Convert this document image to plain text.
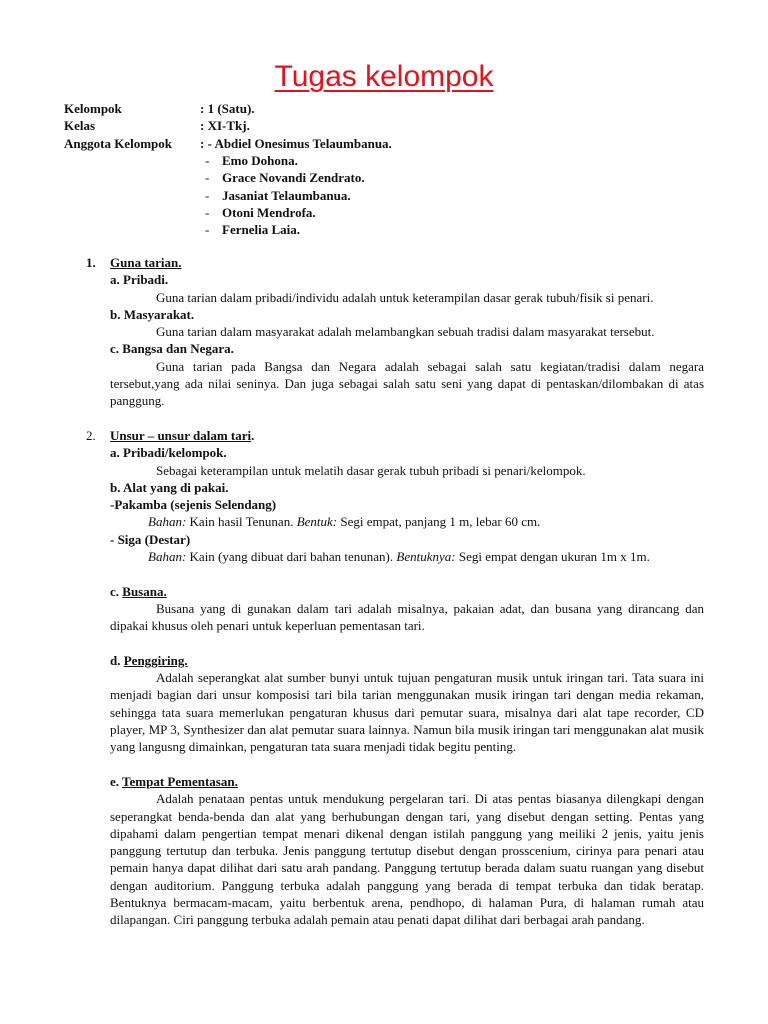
Tugas kelompok
Kelompok	: 1 (Satu).
Kelas	: XI-Tkj.
Anggota Kelompok	: - Abdiel Onesimus Telaumbanua.
- Emo Dohona.
- Grace Novandi Zendrato.
- Jasaniat Telaumbanua.
- Otoni Mendrofa.
- Fernelia Laia.
1. Guna tarian.
a. Pribadi.

Guna tarian dalam pribadi/individu adalah untuk keterampilan dasar gerak tubuh/fisik si penari.

b. Masyarakat.

Guna tarian dalam masyarakat adalah melambangkan sebuah tradisi dalam masyarakat tersebut.

c. Bangsa dan Negara.

Guna tarian pada Bangsa dan Negara adalah sebagai salah satu kegiatan/tradisi dalam negara tersebut,yang ada nilai seninya. Dan juga sebagai salah satu seni yang dapat di pentaskan/dilombakan di atas panggung.

2. Unsur – unsur dalam tari.
a. Pribadi/kelompok.

Sebagai keterampilan untuk melatih dasar gerak tubuh pribadi si penari/kelompok.

b. Alat yang di pakai.
-Pakamba (sejenis Selendang)

Bahan: Kain hasil Tenunan. Bentuk: Segi empat, panjang 1 m, lebar 60 cm.

- Siga (Destar)

Bahan: Kain (yang dibuat dari bahan tenunan). Bentuknya: Segi empat dengan ukuran 1m x 1m.

c. Busana.

Busana yang di gunakan dalam tari adalah misalnya, pakaian adat, dan busana yang dirancang dan dipakai khusus oleh penari untuk keperluan pementasan tari.

d. Penggiring.

Adalah seperangkat alat sumber bunyi untuk tujuan pengaturan musik untuk iringan tari. Tata suara ini menjadi bagian dari unsur komposisi tari bila tarian menggunakan musik iringan tari dengan media rekaman, sehingga tata suara memerlukan pengaturan khusus dari pemutar suara, misalnya dari alat tape recorder, CD player, MP 3, Synthesizer dan alat pemutar suara lainnya. Namun bila musik iringan tari menggunakan alat musik yang langusng dimainkan, pengaturan tata suara menjadi tidak begitu penting.

e. Tempat Pementasan.

Adalah penataan pentas untuk mendukung pergelaran tari. Di atas pentas biasanya dilengkapi dengan seperangkat benda-benda dan alat yang berhubungan dengan tari, yang disebut dengan setting. Pentas yang dipahami dalam pengertian tempat menari dikenal dengan istilah panggung yang meiliki 2 jenis, yaitu jenis panggung tertutup dan terbuka. Jenis panggung tertutup disebut dengan prosscenium, cirinya para penari atau pemain hanya dapat dilihat dari satu arah pandang. Panggung tertutup berada dalam suatu ruangan yang disebut dengan auditorium. Panggung terbuka adalah panggung yang berada di tempat terbuka dan tidak beratap. Bentuknya bermacam-macam, yaitu berbentuk arena, pendhopo, di halaman Pura, di halaman rumah atau dilapangan. Ciri panggung terbuka adalah pemain atau penati dapat dilihat dari berbagai arah pandang.
